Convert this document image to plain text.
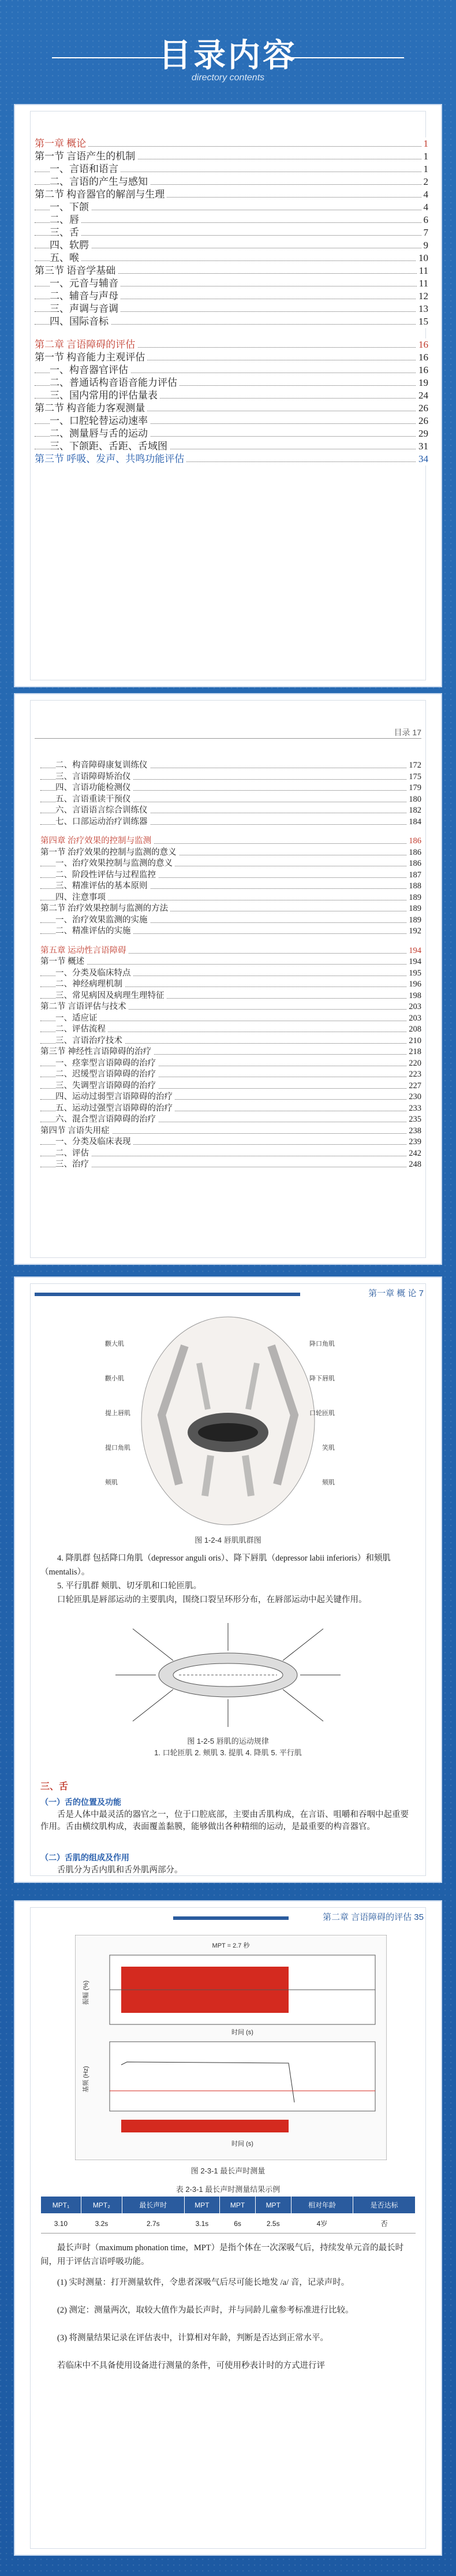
目录内容
directory contents
第一章 概论	1
第一节 言语产生的机制	1
一、言语和语言	1
二、言语的产生与感知	2
第二节 构音器官的解剖与生理	4
一、下颌	4
二、唇	6
三、舌	7
四、软腭	9
五、喉	10
第三节 语音学基础	11
一、元音与辅音	11
二、辅音与声母	12
三、声调与音调	13
四、国际音标	15
第二章 言语障碍的评估	16
第一节 构音能力主观评估	16
一、构音器官评估	16
二、普通话构音语音能力评估	19
三、国内常用的评估量表	24
第二节 构音能力客观测量	26
一、口腔轮替运动速率	26
二、测量唇与舌的运动	29
三、下颌距、舌距、舌域图	31
第三节 呼吸、发声、共鸣功能评估	34
目录 17
二、构音障碍康复训练仪	172
三、言语障碍矫治仪	175
四、言语功能检测仪	179
五、言语重读干预仪	180
六、言语语言综合训练仪	182
七、口部运动治疗训练器	184
第四章 治疗效果的控制与监测	186
第一节 治疗效果的控制与监测的意义	186
一、治疗效果控制与监测的意义	186
二、阶段性评估与过程监控	187
三、精准评估的基本原则	188
四、注意事项	189
第二节 治疗效果控制与监测的方法	189
一、治疗效果监测的实施	189
二、精准评估的实施	192
第五章 运动性言语障碍	194
第一节 概述	194
一、分类及临床特点	195
二、神经病理机制	196
三、常见病因及病理生理特征	198
第二节 言语评估与技术	203
一、适应证	203
二、评估流程	208
三、言语治疗技术	210
第三节 神经性言语障碍的治疗	218
一、痉挛型言语障碍的治疗	220
二、迟缓型言语障碍的治疗	223
三、失调型言语障碍的治疗	227
四、运动过弱型言语障碍的治疗	230
五、运动过强型言语障碍的治疗	233
六、混合型言语障碍的治疗	235
第四节 言语失用症	238
一、分类及临床表现	239
二、评估	242
三、治疗	248
第一章 概 论 7
颧大肌
颧小肌
提上唇肌
提口角肌
颊肌
降口角肌
降下唇肌
口轮匝肌
笑肌
颏肌
图 1-2-4 唇肌肌群图
4. 降肌群 包括降口角肌（depressor anguli oris）、降下唇肌（depressor labii inferioris）和颏肌（mentalis）。
5. 平行肌群 颊肌、切牙肌和口轮匝肌。
口轮匝肌是唇部运动的主要肌肉，围绕口裂呈环形分布，在唇部运动中起关键作用。
图 1-2-5 唇肌的运动规律
1. 口轮匝肌 2. 颊肌 3. 提肌 4. 降肌 5. 平行肌
三、舌
（一）舌的位置及功能
舌是人体中最灵活的器官之一，位于口腔底部，主要由舌肌构成，在言语、咀嚼和吞咽中起重要作用。舌由横纹肌构成，表面覆盖黏膜，能够做出各种精细的运动，是最重要的构音器官。
（二）舌肌的组成及作用
舌肌分为舌内肌和舌外肌两部分。
第二章 言语障碍的评估 35
MPT = 2.7 秒
振幅 (%)
时间 (s)
基频 (Hz)
时间 (s)
图 2-3-1 最长声时测量
表 2-3-1 最长声时测量结果示例
MPT₁	MPT₂	最长声时	MPT	MPT	MPT	相对年龄	是否达标
3.10	3.2s	2.7s	3.1s	6s	2.5s	4岁	否
最长声时（maximum phonation time，MPT）是指个体在一次深吸气后，持续发单元音的最长时间，用于评估言语呼吸功能。
(1) 实时测量：打开测量软件，令患者深吸气后尽可能长地发 /a/ 音，记录声时。
(2) 测定：测量两次，取较大值作为最长声时，并与同龄儿童参考标准进行比较。
(3) 将测量结果记录在评估表中，计算相对年龄，判断是否达到正常水平。
若临床中不具备使用设备进行测量的条件，可使用秒表计时的方式进行评
